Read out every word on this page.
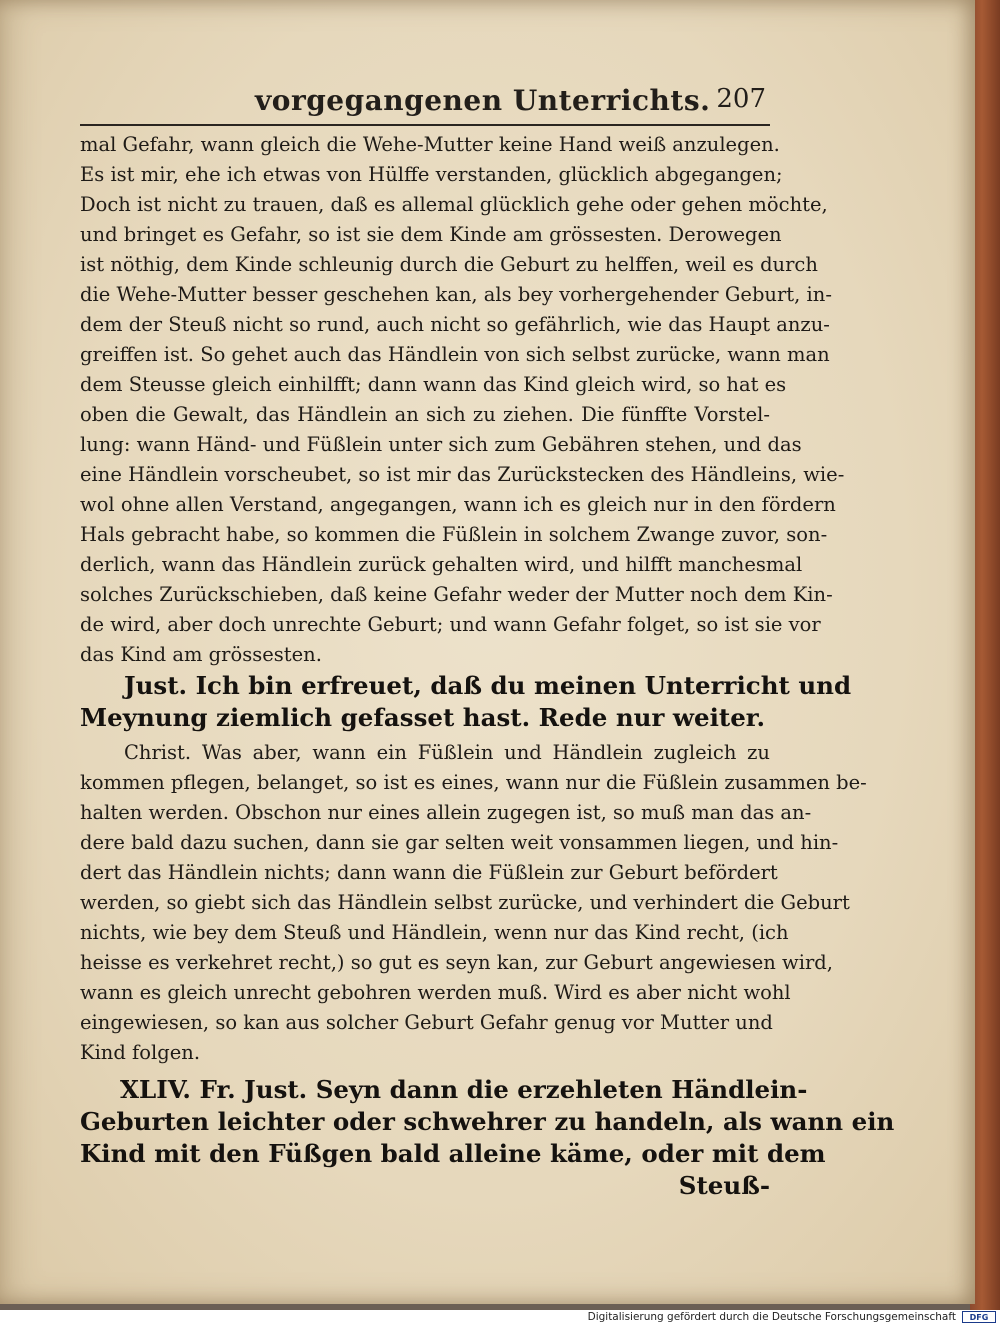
vorgegangenen Unterrichts. 207
mal Gefahr, wann gleich die Wehe-Mutter keine Hand weiß anzulegen.
Es ist mir, ehe ich etwas von Hülffe verstanden, glücklich abgegangen;
Doch ist nicht zu trauen, daß es allemal glücklich gehe oder gehen möchte,
und bringet es Gefahr, so ist sie dem Kinde am grössesten. Derowegen
ist nöthig, dem Kinde schleunig durch die Geburt zu helffen, weil es durch
die Wehe-Mutter besser geschehen kan, als bey vorhergehender Geburt, in-
dem der Steuß nicht so rund, auch nicht so gefährlich, wie das Haupt anzu-
greiffen ist. So gehet auch das Händlein von sich selbst zurücke, wann man
dem Steusse gleich einhilfft; dann wann das Kind gleich wird, so hat es
oben die Gewalt, das Händlein an sich zu ziehen. Die fünffte Vorstel-
lung: wann Händ- und Füßlein unter sich zum Gebähren stehen, und das
eine Händlein vorscheubet, so ist mir das Zurückstecken des Händleins, wie-
wol ohne allen Verstand, angegangen, wann ich es gleich nur in den fördern
Hals gebracht habe, so kommen die Füßlein in solchem Zwange zuvor, son-
derlich, wann das Händlein zurück gehalten wird, und hilfft manchesmal
solches Zurückschieben, daß keine Gefahr weder der Mutter noch dem Kin-
de wird, aber doch unrechte Geburt; und wann Gefahr folget, so ist sie vor
das Kind am grössesten.
Just. Ich bin erfreuet, daß du meinen Unterricht und
Meynung ziemlich gefasset hast. Rede nur weiter.
Christ. Was aber, wann ein Füßlein und Händlein zugleich zu
kommen pflegen, belanget, so ist es eines, wann nur die Füßlein zusammen be-
halten werden. Obschon nur eines allein zugegen ist, so muß man das an-
dere bald dazu suchen, dann sie gar selten weit vonsammen liegen, und hin-
dert das Händlein nichts; dann wann die Füßlein zur Geburt befördert
werden, so giebt sich das Händlein selbst zurücke, und verhindert die Geburt
nichts, wie bey dem Steuß und Händlein, wenn nur das Kind recht, (ich
heisse es verkehret recht,) so gut es seyn kan, zur Geburt angewiesen wird,
wann es gleich unrecht gebohren werden muß. Wird es aber nicht wohl
eingewiesen, so kan aus solcher Geburt Gefahr genug vor Mutter und
Kind folgen.
XLIV. Fr. Just. Seyn dann die erzehleten Händlein-
Geburten leichter oder schwehrer zu handeln, als wann ein
Kind mit den Füßgen bald alleine käme, oder mit dem
Steuß-
Digitalisierung gefördert durch die Deutsche Forschungsgemeinschaft	DFG
